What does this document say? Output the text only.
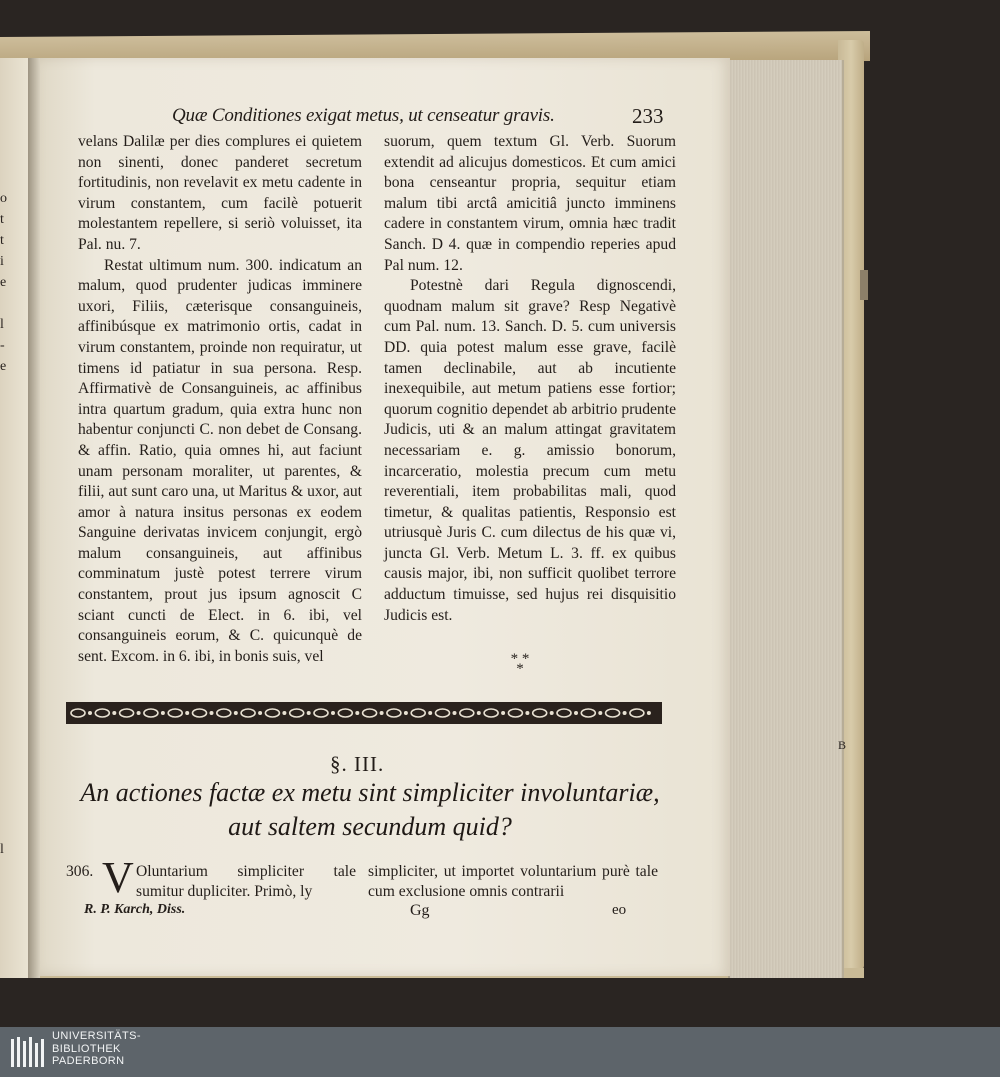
o
t
t
i
e

l
-
e

l
B
Quæ Conditiones exigat metus, ut censeatur gravis.	233

velans Dalilæ per dies complures ei quietem non sinenti, donec panderet secretum fortitudinis, non revelavit ex metu cadente in virum constantem, cum facilè potuerit molestantem repellere, si seriò voluisset, ita Pal. nu. 7.

Restat ultimum num. 300. indicatum an malum, quod prudenter judicas imminere uxori, Filiis, cæterisque consanguineis, affinibúsque ex matrimonio ortis, cadat in virum constantem, proinde non requiratur, ut timens id patiatur in sua persona. Resp. Affirmativè de Consanguineis, ac affinibus intra quartum gradum, quia extra hunc non habentur conjuncti C. non debet de Consang. & affin. Ratio, quia omnes hi, aut faciunt unam personam moraliter, ut parentes, & filii, aut sunt caro una, ut Maritus & uxor, aut amor à natura insitus personas ex eodem Sanguine derivatas invicem conjungit, ergò malum consanguineis, aut affinibus comminatum justè potest terrere virum constantem, prout jus ipsum agnoscit C sciant cuncti de Elect. in 6. ibi, vel consanguineis eorum, & C. quicunquè de sent. Excom. in 6. ibi, in bonis suis, vel

suorum, quem textum Gl. Verb. Suorum extendit ad alicujus domesticos. Et cum amici bona censeantur propria, sequitur etiam malum tibi arctâ amicitiâ juncto imminens cadere in constantem virum, omnia hæc tradit Sanch. D 4. quæ in compendio reperies apud Pal num. 12.

Potestnè dari Regula dignoscendi, quodnam malum sit grave? Resp Negativè cum Pal. num. 13. Sanch. D. 5. cum universis DD. quia potest malum esse grave, facilè tamen declinabile, aut ab incutiente inexequibile, aut metum patiens esse fortior; quorum cognitio dependet ab arbitrio prudente Judicis, uti & an malum attingat gravitatem necessariam e. g. amissio bonorum, incarceratio, molestia precum cum metu reverentiali, item probabilitas mali, quod timetur, & qualitas patientis, Responsio est utriusquè Juris C. cum dilectus de his quæ vi, juncta Gl. Verb. Metum L. 3. ff. ex quibus causis major, ibi, non sufficit quolibet terrore adductum timuisse, sed hujus rei disquisitio Judicis est.

* *
*
§. III.
An actiones factæ ex metu sint simpliciter involuntariæ,
aut saltem secundum quid?
306. V Oluntarium simpliciter tale sumitur dupliciter. Primò, ly
R. P. Karch, Diss.
simpliciter, ut importet voluntarium purè tale cum exclusione omnis contrarii
Gg	eo
UNIVERSITÄTS-
BIBLIOTHEK
PADERBORN
